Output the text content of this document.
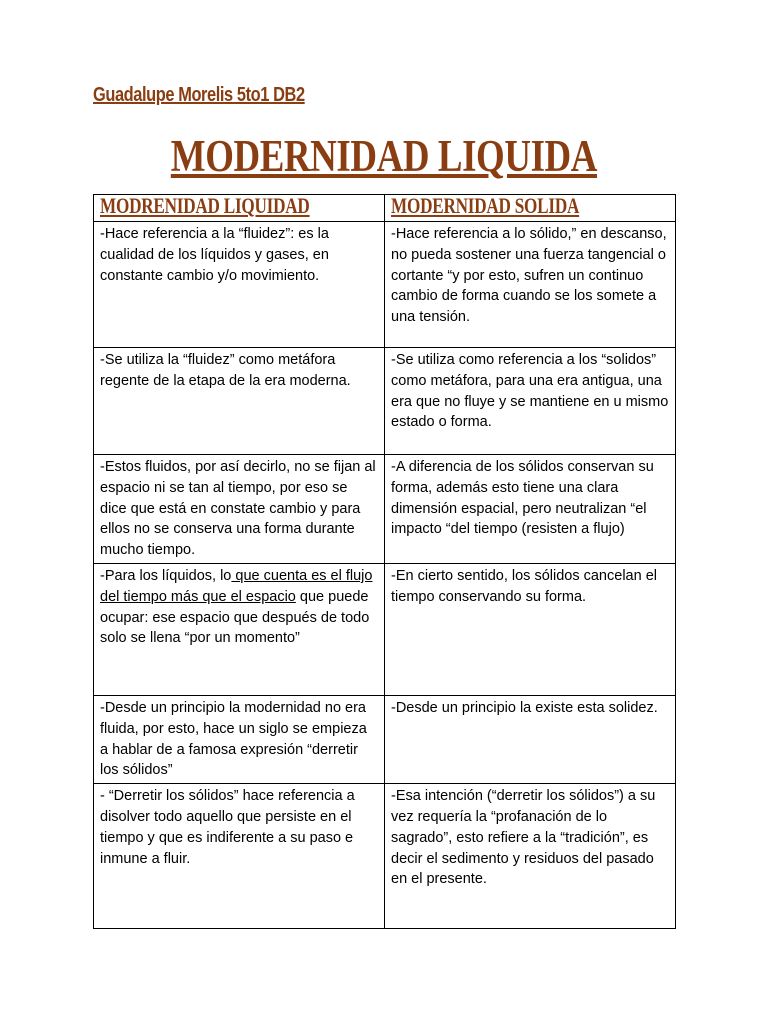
Guadalupe Morelis 5to1 DB2
MODERNIDAD LIQUIDA
MODRENIDAD LIQUIDAD	MODERNIDAD SOLIDA
-Hace referencia a la “fluidez”: es la cualidad de los líquidos y gases, en constante cambio y/o movimiento.	-Hace referencia a lo sólido,” en descanso, no pueda sostener una fuerza tangencial o cortante “y por esto, sufren un continuo cambio de forma cuando se los somete a una tensión.
-Se utiliza la “fluidez” como metáfora regente de la etapa de la era moderna.	-Se utiliza como referencia a los “solidos” como metáfora, para una era antigua, una era que no fluye y se mantiene en u mismo estado o forma.
-Estos fluidos, por así decirlo, no se fijan al espacio ni se tan al tiempo, por eso se dice que está en constate cambio y para ellos no se conserva una forma durante mucho tiempo.	-A diferencia de los sólidos conservan su forma, además esto tiene una clara dimensión espacial, pero neutralizan “el impacto “del tiempo (resisten a flujo)
-Para los líquidos, lo que cuenta es el flujo del tiempo más que el espacio que puede ocupar: ese espacio que después de todo solo se llena “por un momento”	-En cierto sentido, los sólidos cancelan el tiempo conservando su forma.
-Desde un principio la modernidad no era fluida, por esto, hace un siglo se empieza a hablar de a famosa expresión “derretir los sólidos”	-Desde un principio la existe esta solidez.
- “Derretir los sólidos” hace referencia a disolver todo aquello que persiste en el tiempo y que es indiferente a su paso e inmune a fluir.	-Esa intención (“derretir los sólidos”) a su vez requería la “profanación de lo sagrado”, esto refiere a la “tradición”, es decir el sedimento y residuos del pasado en el presente.
